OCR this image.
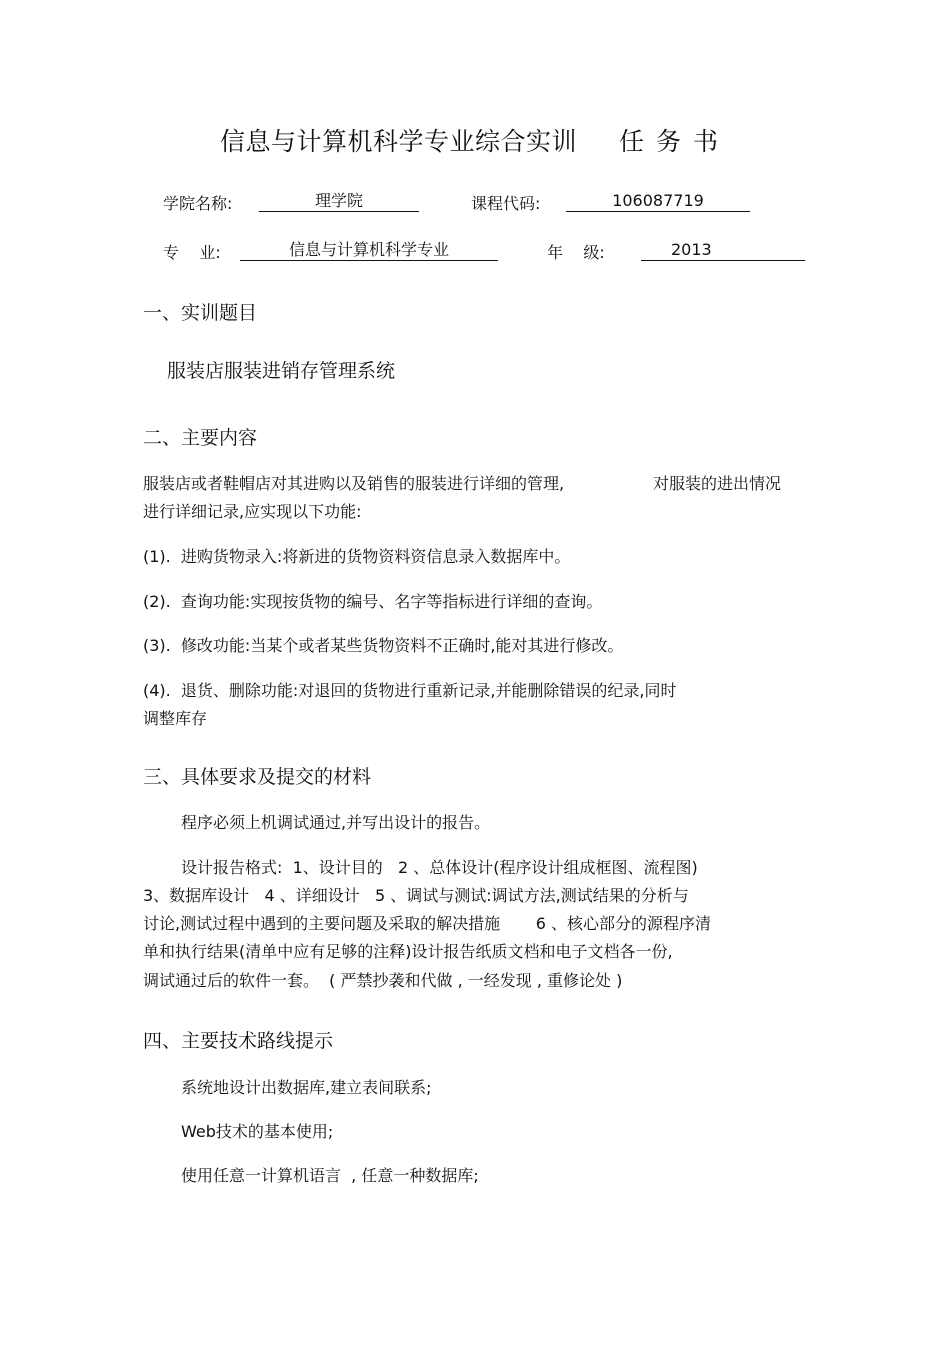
信息与计算机科学专业综合实训 任务书
学院名称:	理学院	课程代码:	106087719
专    业:	信息与计算机科学专业	年    级:	2013
一、实训题目
服装店服装进销存管理系统
二、主要内容
服装店或者鞋帽店对其进购以及销售的服装进行详细的管理,	对服装的进出情况
进行详细记录,应实现以下功能:
(1).  进购货物录入:将新进的货物资料资信息录入数据库中。
(2).  查询功能:实现按货物的编号、名字等指标进行详细的查询。
(3).  修改功能:当某个或者某些货物资料不正确时,能对其进行修改。
(4).  退货、删除功能:对退回的货物进行重新记录,并能删除错误的纪录,同时
调整库存
三、具体要求及提交的材料
程序必须上机调试通过,并写出设计的报告。
设计报告格式:  1、设计目的   2 、总体设计(程序设计组成框图、流程图)
3、数据库设计   4 、详细设计   5 、调试与测试:调试方法,测试结果的分析与
讨论,测试过程中遇到的主要问题及采取的解决措施       6 、核心部分的源程序清
单和执行结果(清单中应有足够的注释)设计报告纸质文档和电子文档各一份,
调试通过后的软件一套。  ( 严禁抄袭和代做 , 一经发现 , 重修论处 )
四、主要技术路线提示
系统地设计出数据库,建立表间联系;
Web技术的基本使用;
使用任意一计算机语言  , 任意一种数据库;
